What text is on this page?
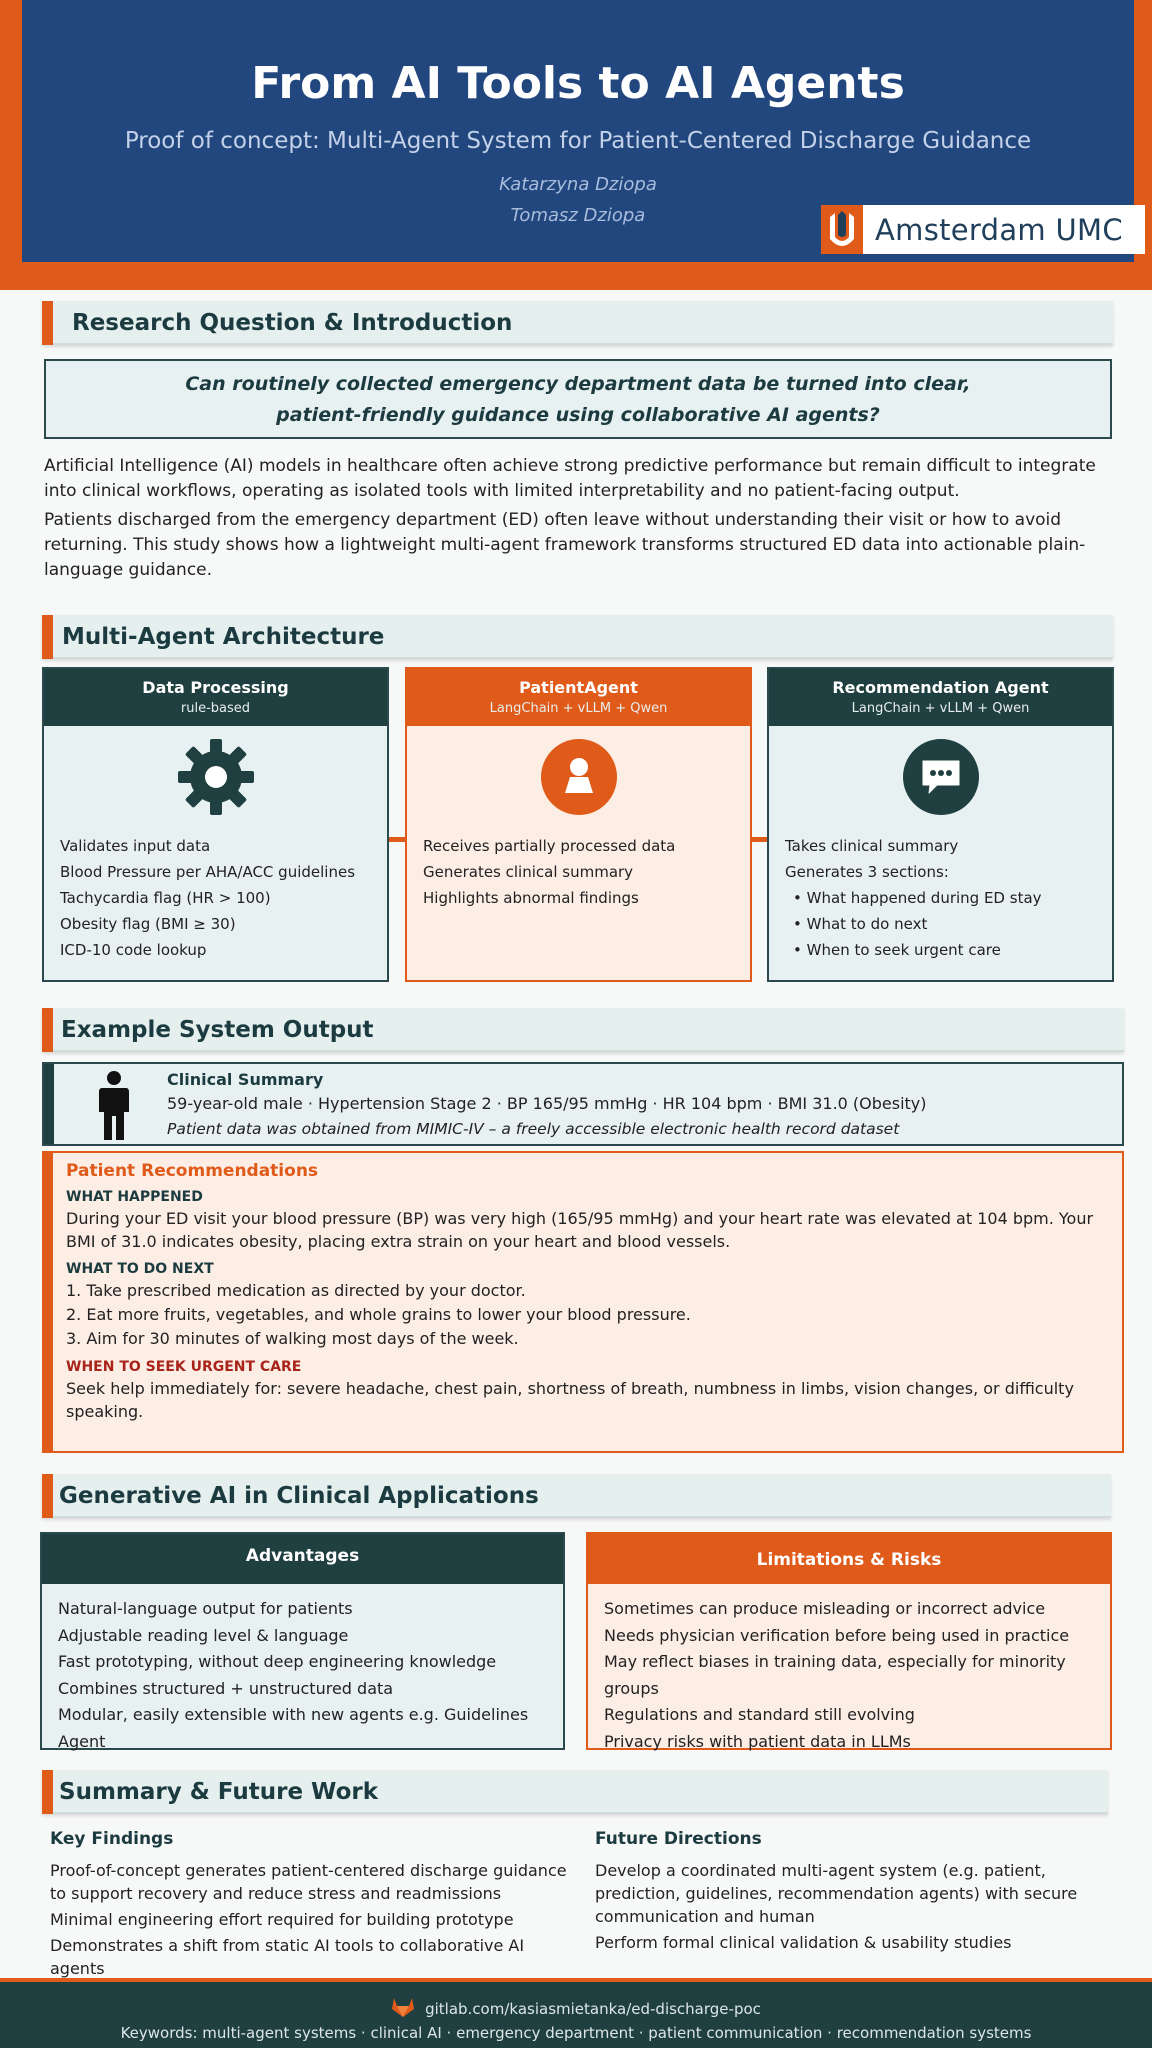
From AI Tools to AI Agents
Proof of concept: Multi-Agent System for Patient-Centered Discharge Guidance
Katarzyna Dziopa
Tomasz Dziopa	Amsterdam UMC
Research Question & Introduction
Can routinely collected emergency department data be turned into clear,
patient-friendly guidance using collaborative AI agents?
Artificial Intelligence (AI) models in healthcare often achieve strong predictive performance but remain difficult to integrate into clinical workflows, operating as isolated tools with limited interpretability and no patient-facing output.
Patients discharged from the emergency department (ED) often leave without understanding their visit or how to avoid returning. This study shows how a lightweight multi-agent framework transforms structured ED data into actionable plain-language guidance.
Multi-Agent Architecture
Data Processing
rule-based
Validates input data
Blood Pressure per AHA/ACC guidelines
Tachycardia flag (HR > 100)
Obesity flag (BMI ≥ 30)
ICD-10 code lookup
PatientAgent
LangChain + vLLM + Qwen
Receives partially processed data
Generates clinical summary
Highlights abnormal findings
Recommendation Agent
LangChain + vLLM + Qwen
Takes clinical summary
Generates 3 sections:
• What happened during ED stay
• What to do next
• When to seek urgent care
Example System Output
Clinical Summary
59-year-old male · Hypertension Stage 2 · BP 165/95 mmHg · HR 104 bpm · BMI 31.0 (Obesity)
Patient data was obtained from MIMIC-IV – a freely accessible electronic health record dataset
Patient Recommendations
WHAT HAPPENED
During your ED visit your blood pressure (BP) was very high (165/95 mmHg) and your heart rate was elevated at 104 bpm. Your BMI of 31.0 indicates obesity, placing extra strain on your heart and blood vessels.
WHAT TO DO NEXT
1. Take prescribed medication as directed by your doctor.
2. Eat more fruits, vegetables, and whole grains to lower your blood pressure.
3. Aim for 30 minutes of walking most days of the week.
WHEN TO SEEK URGENT CARE
Seek help immediately for: severe headache, chest pain, shortness of breath, numbness in limbs, vision changes, or difficulty speaking.
Generative AI in Clinical Applications
Advantages
Natural-language output for patients
Adjustable reading level & language
Fast prototyping, without deep engineering knowledge
Combines structured + unstructured data
Modular, easily extensible with new agents e.g. Guidelines Agent
Limitations & Risks
Sometimes can produce misleading or incorrect advice
Needs physician verification before being used in practice
May reflect biases in training data, especially for minority groups
Regulations and standard still evolving
Privacy risks with patient data in LLMs
Summary & Future Work
Key Findings

Proof-of-concept generates patient-centered discharge guidance to support recovery and reduce stress and readmissions

Minimal engineering effort required for building prototype

Demonstrates a shift from static AI tools to collaborative AI agents

Future Directions

Develop a coordinated multi-agent system (e.g. patient, prediction, guidelines, recommendation agents) with secure communication and human

Perform formal clinical validation & usability studies

gitlab.com/kasiasmietanka/ed-discharge-poc
Keywords: multi-agent systems · clinical AI · emergency department · patient communication · recommendation systems
